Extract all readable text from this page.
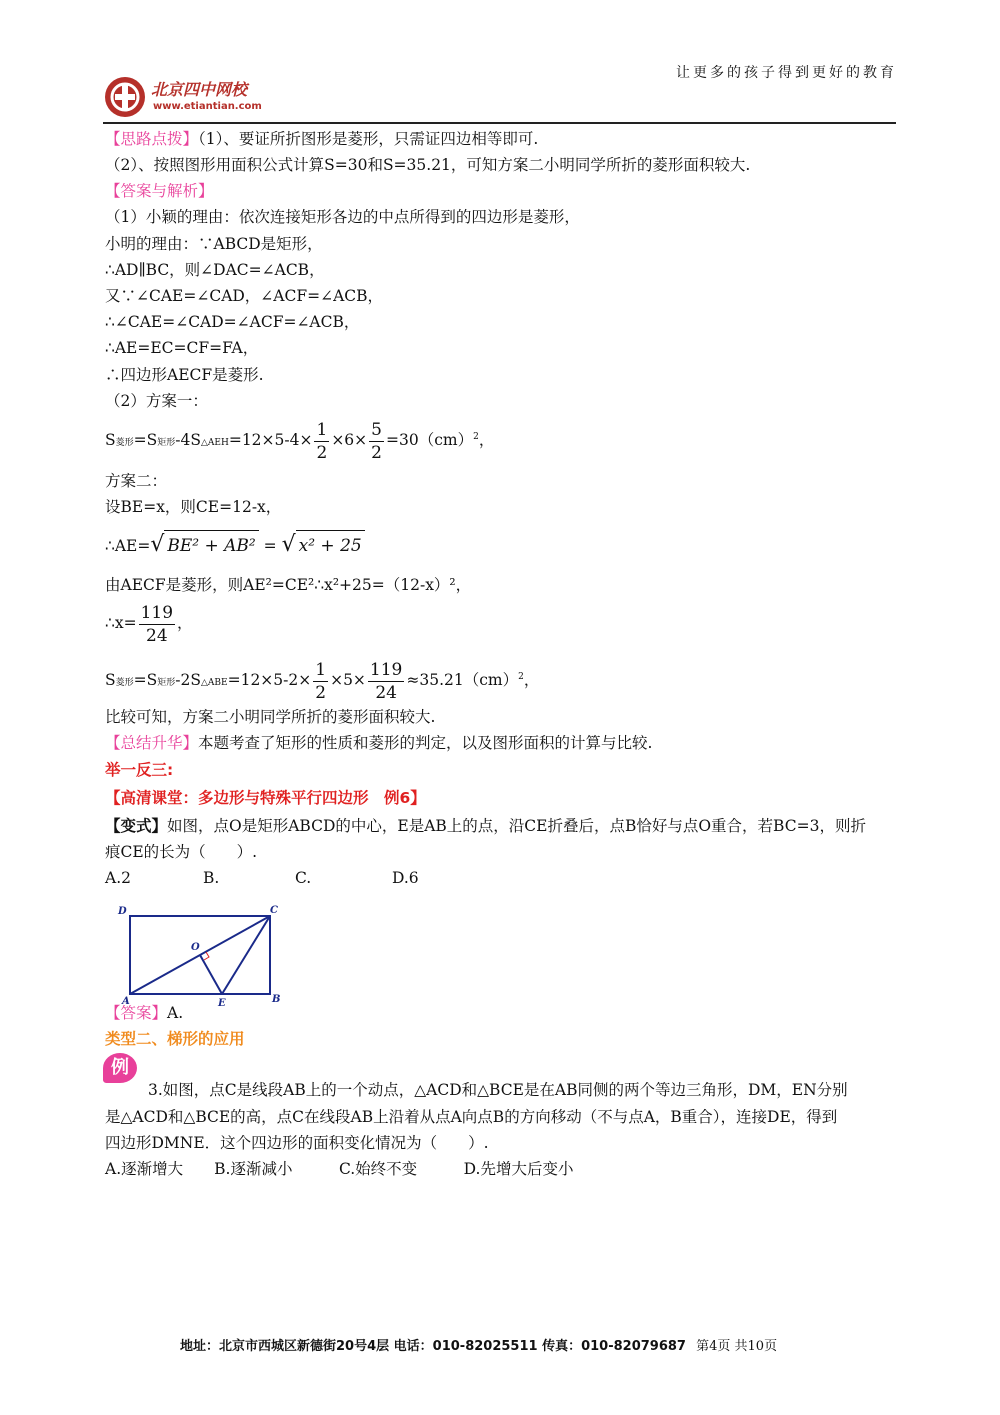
让更多的孩子得到更好的教育
北京四中网校
www.etiantian.com
【思路点拨】（1）、要证所折图形是菱形，只需证四边相等即可.
（2）、按照图形用面积公式计算S=30和S=35.21，可知方案二小明同学所折的菱形面积较大.
【答案与解析】
（1）小颖的理由：依次连接矩形各边的中点所得到的四边形是菱形，
小明的理由：∵ABCD是矩形，
∴AD∥BC，则∠DAC=∠ACB，
又∵∠CAE=∠CAD，∠ACF=∠ACB，
∴∠CAE=∠CAD=∠ACF=∠ACB，
∴AE=EC=CF=FA，
∴四边形AECF是菱形.
（2）方案一：
S菱形=S矩形-4S△AEH=12×5-4× $\frac{1}{2} \times 6\times \frac{5}{2} =30(cm)^2$，
方案二：
设BE=x，则CE=12-x，
∴AE=√ BE² + AB² = √ x² + 25
由AECF是菱形，则AE²=CE²∴x²+25=（12-x）²，
∴x= $\frac{119}{24}$ ，
S菱形=S矩形-2S△ABE=12×5-2× $\frac{1}{2} \times 5\times \frac{119}{24} \approx 35.21(cm)^2$，
比较可知，方案二小明同学所折的菱形面积较大.
【总结升华】本题考查了矩形的性质和菱形的判定，以及图形面积的计算与比较.
举一反三:
【高清课堂：多边形与特殊平行四边形　例6】
【变式】如图，点O是矩形ABCD的中心，E是AB上的点，沿CE折叠后，点B恰好与点O重合，若BC=3，则折
痕CE的长为（　　）.
A.2	B.	C.	D.6
D	C
O
A	E	B
【答案】A.
类型二、梯形的应用
例
3.如图，点C是线段AB上的一个动点，△ACD和△BCE是在AB同侧的两个等边三角形，DM，EN分别
是△ACD和△BCE的高，点C在线段AB上沿着从点A向点B的方向移动（不与点A，B重合），连接DE，得到
四边形DMNE．这个四边形的面积变化情况为（　　）.
A.逐渐增大　　B.逐渐减小　　　C.始终不变　　　D.先增大后变小
地址：北京市西城区新德街20号4层 电话：010-82025511 传真：010-82079687 第4页 共10页
